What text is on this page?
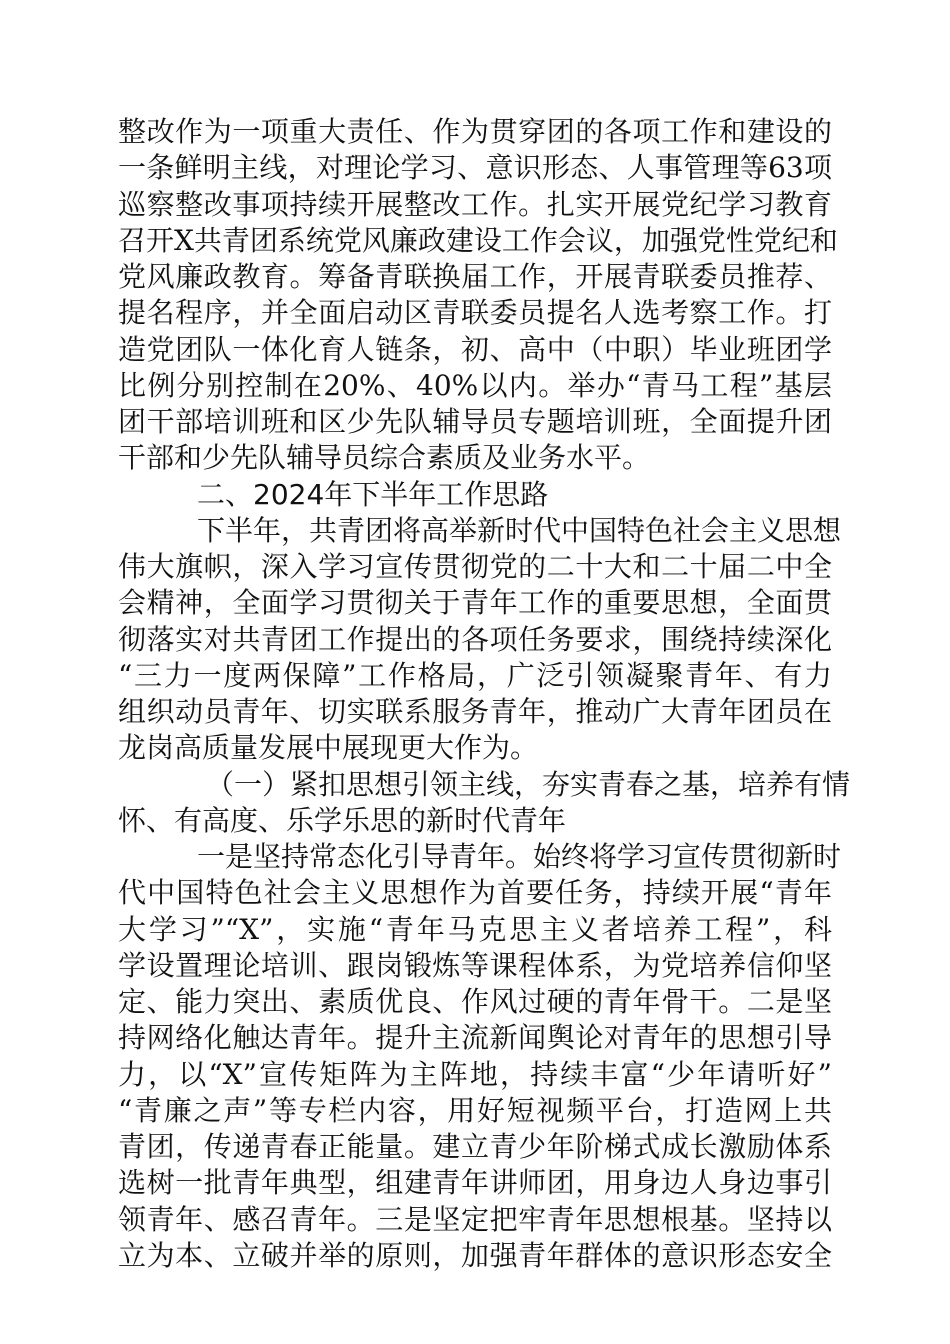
整改作为一项重大责任、作为贯穿团的各项工作和建设的
一条鲜明主线，对理论学习、意识形态、人事管理等63项
巡察整改事项持续开展整改工作。扎实开展党纪学习教育
召开X共青团系统党风廉政建设工作会议，加强党性党纪和
党风廉政教育。筹备青联换届工作，开展青联委员推荐、
提名程序，并全面启动区青联委员提名人选考察工作。打
造党团队一体化育人链条，初、高中（中职）毕业班团学
比例分别控制在20%、40%以内。举办“青马工程”基层
团干部培训班和区少先队辅导员专题培训班，全面提升团
干部和少先队辅导员综合素质及业务水平。
二、2024年下半年工作思路
下半年，共青团将高举新时代中国特色社会主义思想
伟大旗帜，深入学习宣传贯彻党的二十大和二十届二中全
会精神，全面学习贯彻关于青年工作的重要思想，全面贯
彻落实对共青团工作提出的各项任务要求，围绕持续深化
“三力一度两保障”工作格局，广泛引领凝聚青年、有力
组织动员青年、切实联系服务青年，推动广大青年团员在
龙岗高质量发展中展现更大作为。
（一）紧扣思想引领主线，夯实青春之基，培养有情
怀、有高度、乐学乐思的新时代青年
一是坚持常态化引导青年。始终将学习宣传贯彻新时
代中国特色社会主义思想作为首要任务，持续开展“青年
大学习”“X”，实施“青年马克思主义者培养工程”，科
学设置理论培训、跟岗锻炼等课程体系，为党培养信仰坚
定、能力突出、素质优良、作风过硬的青年骨干。二是坚
持网络化触达青年。提升主流新闻舆论对青年的思想引导
力，以“X”宣传矩阵为主阵地，持续丰富“少年请听好”
“青廉之声”等专栏内容，用好短视频平台，打造网上共
青团，传递青春正能量。建立青少年阶梯式成长激励体系
选树一批青年典型，组建青年讲师团，用身边人身边事引
领青年、感召青年。三是坚定把牢青年思想根基。坚持以
立为本、立破并举的原则，加强青年群体的意识形态安全
